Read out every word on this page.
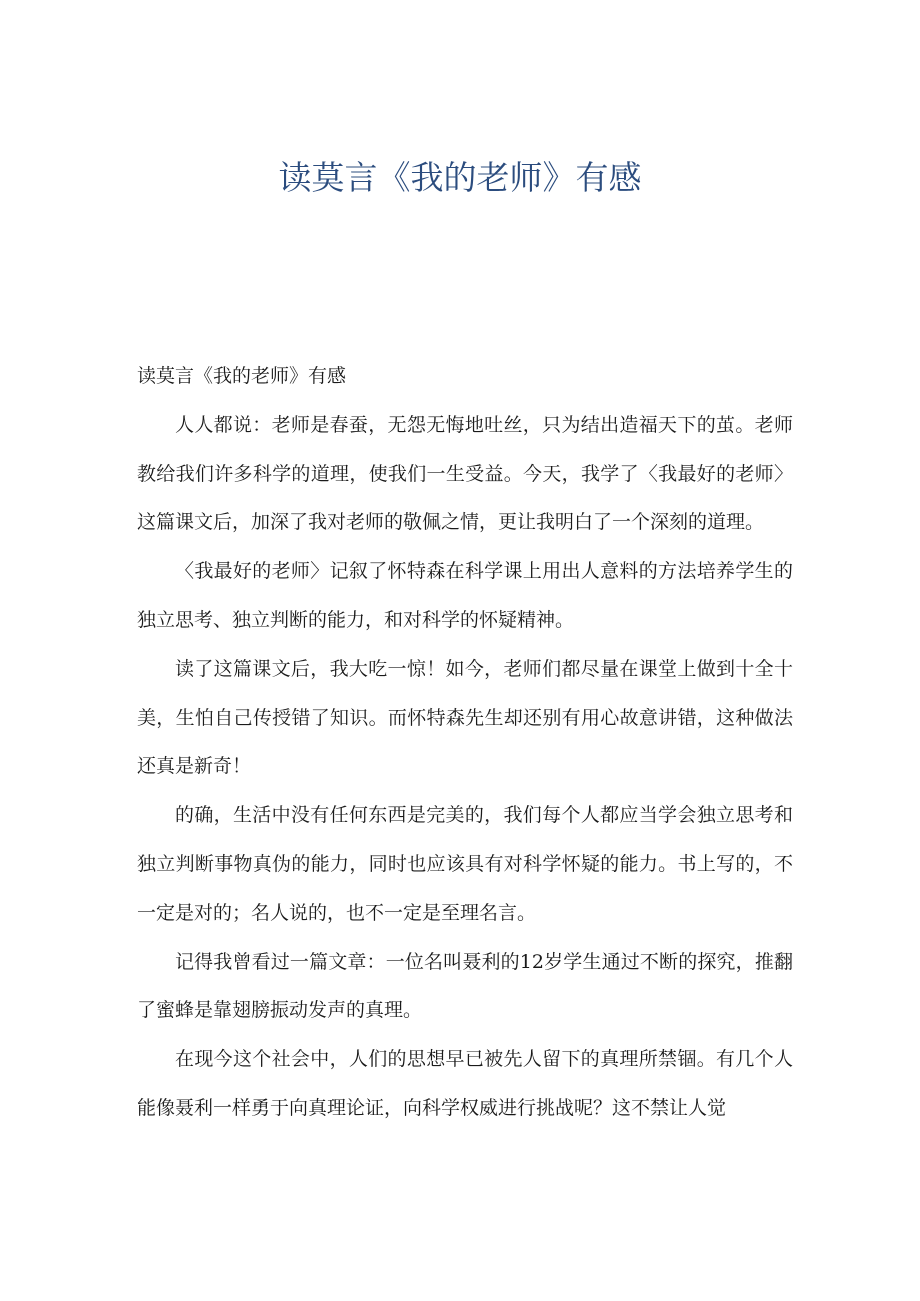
读莫言《我的老师》有感

读莫言《我的老师》有感

人人都说：老师是春蚕，无怨无悔地吐丝，只为结出造福天下的茧。老师教给我们许多科学的道理，使我们一生受益。今天，我学了〈我最好的老师〉这篇课文后，加深了我对老师的敬佩之情，更让我明白了一个深刻的道理。

〈我最好的老师〉记叙了怀特森在科学课上用出人意料的方法培养学生的独立思考、独立判断的能力，和对科学的怀疑精神。

读了这篇课文后，我大吃一惊！如今，老师们都尽量在课堂上做到十全十美，生怕自己传授错了知识。而怀特森先生却还别有用心故意讲错，这种做法还真是新奇！

的确，生活中没有任何东西是完美的，我们每个人都应当学会独立思考和独立判断事物真伪的能力，同时也应该具有对科学怀疑的能力。书上写的，不一定是对的；名人说的，也不一定是至理名言。

记得我曾看过一篇文章：一位名叫聂利的12岁学生通过不断的探究，推翻了蜜蜂是靠翅膀振动发声的真理。

在现今这个社会中，人们的思想早已被先人留下的真理所禁锢。有几个人能像聂利一样勇于向真理论证，向科学权威进行挑战呢？这不禁让人觉
